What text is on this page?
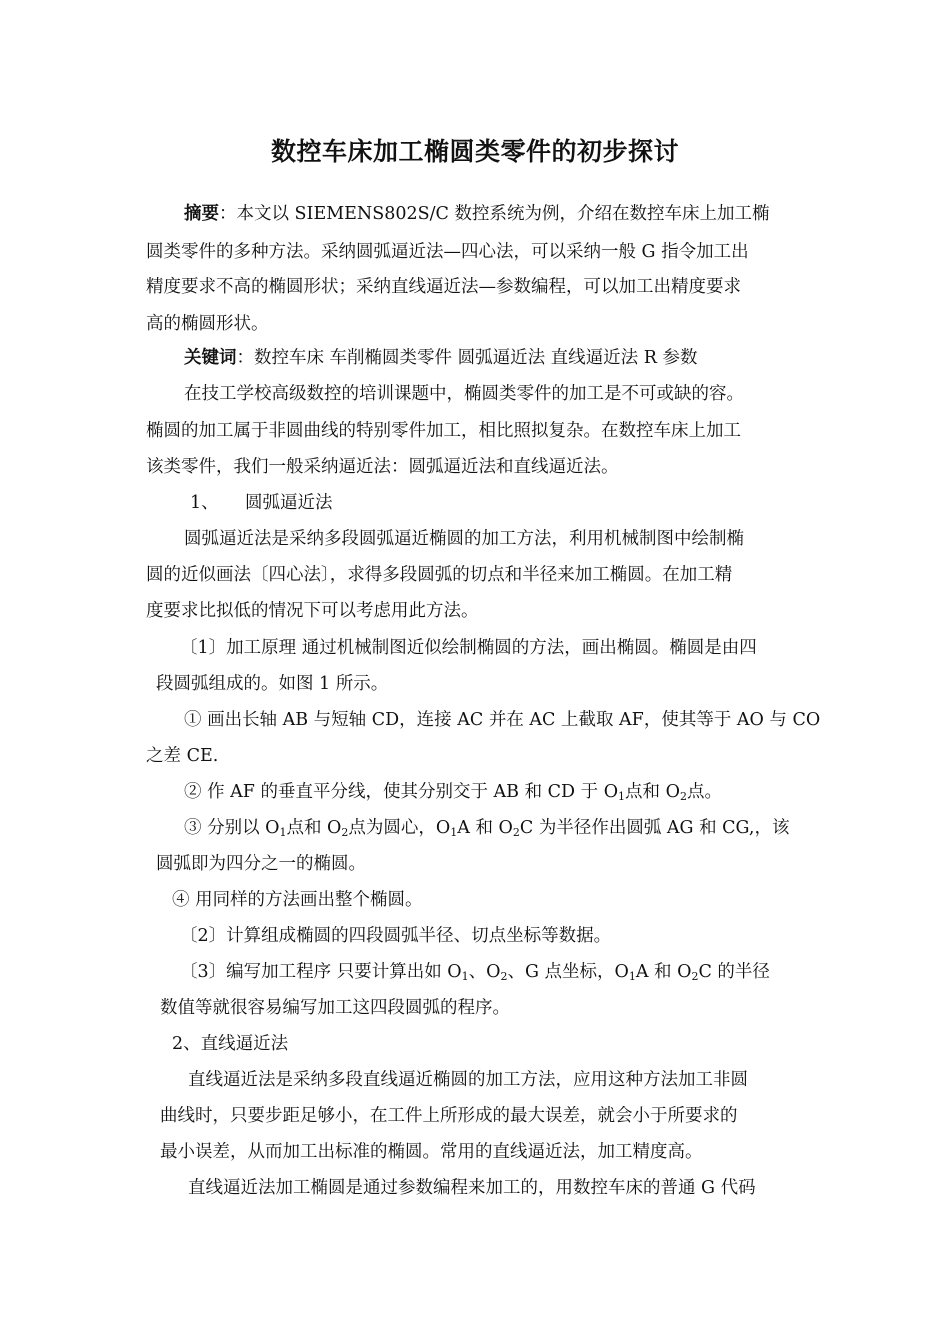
数控车床加工椭圆类零件的初步探讨
摘要：本文以 SIEMENS802S/C 数控系统为例，介绍在数控车床上加工椭
圆类零件的多种方法。采纳圆弧逼近法—四心法，可以采纳一般 G 指令加工出
精度要求不高的椭圆形状；采纳直线逼近法—参数编程，可以加工出精度要求
高的椭圆形状。
关键词：数控车床 车削椭圆类零件 圆弧逼近法 直线逼近法 R 参数
在技工学校高级数控的培训课题中，椭圆类零件的加工是不可或缺的容。
椭圆的加工属于非圆曲线的特别零件加工，相比照拟复杂。在数控车床上加工
该类零件，我们一般采纳逼近法：圆弧逼近法和直线逼近法。
1、 圆弧逼近法
圆弧逼近法是采纳多段圆弧逼近椭圆的加工方法，利用机械制图中绘制椭
圆的近似画法〔四心法〕，求得多段圆弧的切点和半径来加工椭圆。在加工精
度要求比拟低的情况下可以考虑用此方法。
〔1〕加工原理 通过机械制图近似绘制椭圆的方法，画出椭圆。椭圆是由四
段圆弧组成的。如图 1 所示。
① 画出长轴 AB 与短轴 CD，连接 AC 并在 AC 上截取 AF，使其等于 AO 与 CO
之差 CE.
② 作 AF 的垂直平分线，使其分别交于 AB 和 CD 于 $O_1$点和 $O_2$点。
③ 分别以 $O_1$点和 $O_2$点为圆心，$O_1A$ 和 $O_2C$ 为半径作出圆弧 AG 和 CG,，该
圆弧即为四分之一的椭圆。
④ 用同样的方法画出整个椭圆。
〔2〕计算组成椭圆的四段圆弧半径、切点坐标等数据。
〔3〕编写加工程序 只要计算出如 $O_1$、$O_2$、G 点坐标，$O_1A$ 和 $O_2C$ 的半径
数值等就很容易编写加工这四段圆弧的程序。
2、直线逼近法
直线逼近法是采纳多段直线逼近椭圆的加工方法，应用这种方法加工非圆
曲线时，只要步距足够小，在工件上所形成的最大误差，就会小于所要求的
最小误差，从而加工出标准的椭圆。常用的直线逼近法，加工精度高。
直线逼近法加工椭圆是通过参数编程来加工的，用数控车床的普通 G 代码
